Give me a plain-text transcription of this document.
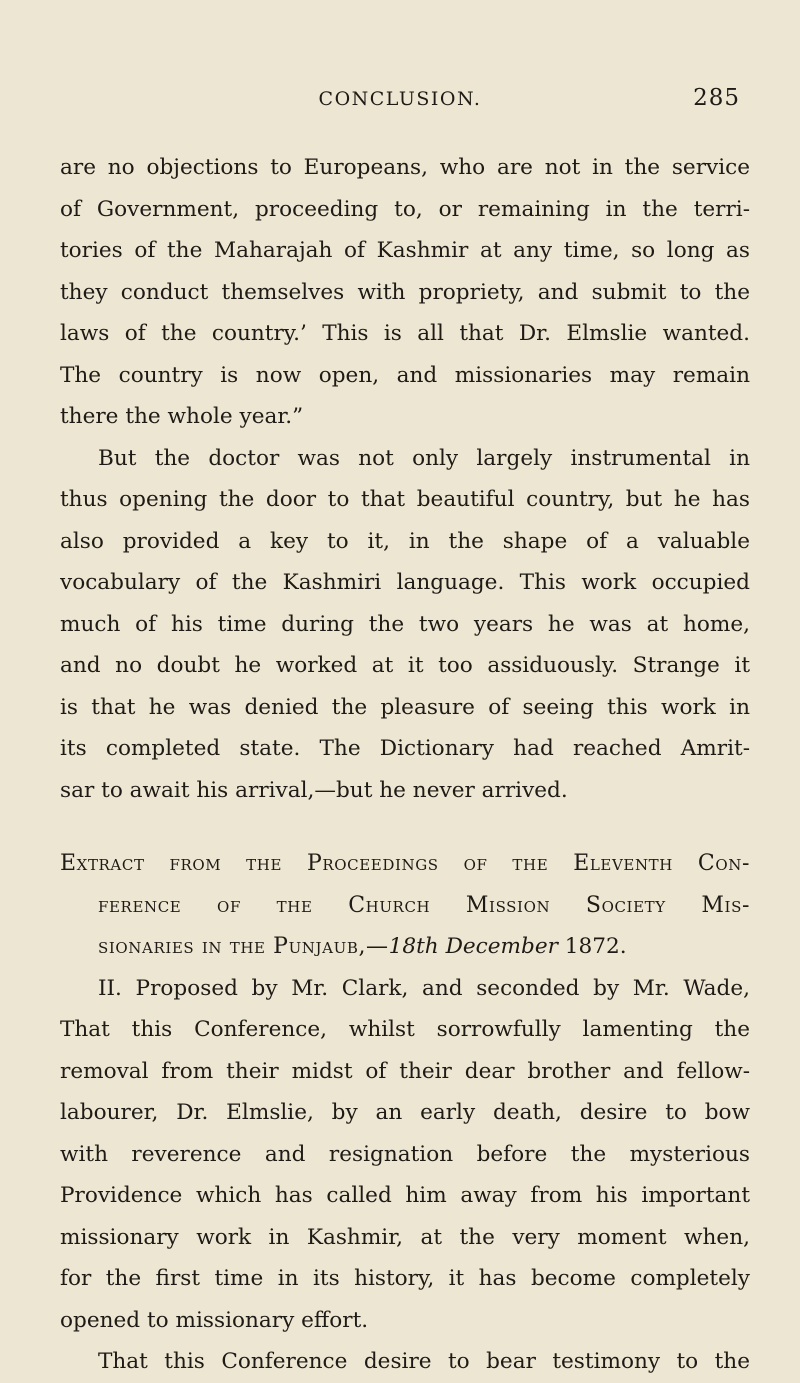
CONCLUSION.	285
are no objections to Europeans, who are not in the service
of Government, proceeding to, or remaining in the terri-
tories of the Maharajah of Kashmir at any time, so long as
they conduct themselves with propriety, and submit to the
laws of the country.’ This is all that Dr. Elmslie wanted.
The country is now open, and missionaries may remain
there the whole year.”
But the doctor was not only largely instrumental in
thus opening the door to that beautiful country, but he has
also provided a key to it, in the shape of a valuable
vocabulary of the Kashmiri language. This work occupied
much of his time during the two years he was at home,
and no doubt he worked at it too assiduously. Strange it
is that he was denied the pleasure of seeing this work in
its completed state. The Dictionary had reached Amrit-
sar to await his arrival,—but he never arrived.
Extract from the Proceedings of the Eleventh Con-
ference of the Church Mission Society Mis-
sionaries in the Punjaub,—18th December 1872.
II. Proposed by Mr. Clark, and seconded by Mr. Wade,
That this Conference, whilst sorrowfully lamenting the
removal from their midst of their dear brother and fellow-
labourer, Dr. Elmslie, by an early death, desire to bow
with reverence and resignation before the mysterious
Providence which has called him away from his important
missionary work in Kashmir, at the very moment when,
for the first time in its history, it has become completely
opened to missionary effort.
That this Conference desire to bear testimony to the
